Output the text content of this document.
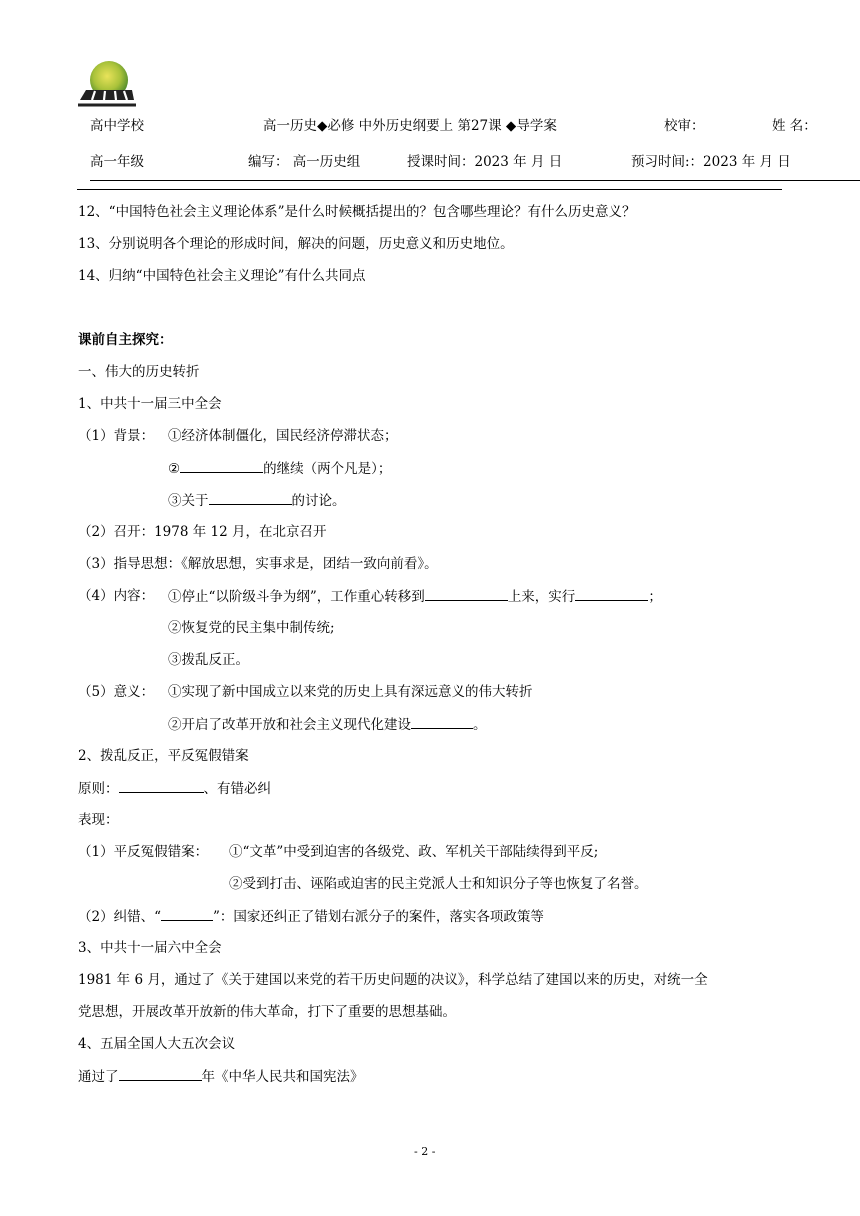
高中学校	高一历史◆必修 中外历史纲要上 第27课 ◆导学案	校审：	姓 名：
高一年级	编写： 高一历史组	授课时间：2023 年 月 日	预习时间:：2023 年 月 日
12、“中国特色社会主义理论体系”是什么时候概括提出的？包含哪些理论？有什么历史意义？
13、分别说明各个理论的形成时间，解决的问题，历史意义和历史地位。
14、归纳“中国特色社会主义理论”有什么共同点
课前自主探究：
一、伟大的历史转折
1、中共十一届三中全会
（1）背景： ①经济体制僵化，国民经济停滞状态；
②	的继续（两个凡是）；
③关于	的讨论。
（2）召开：1978 年 12 月，在北京召开
（3）指导思想：《解放思想，实事求是，团结一致向前看》。
（4）内容： ①停止“以阶级斗争为纲”，工作重心转移到	上来，实行	；
②恢复党的民主集中制传统;
③拨乱反正。
（5）意义： ①实现了新中国成立以来党的历史上具有深远意义的伟大转折
②开启了改革开放和社会主义现代化建设	。
2、拨乱反正，平反冤假错案
原则：	、有错必纠
表现：
（1）平反冤假错案： ①“文革”中受到迫害的各级党、政、军机关干部陆续得到平反;
②受到打击、诬陷或迫害的民主党派人士和知识分子等也恢复了名誉。
（2）纠错、“	”：国家还纠正了错划右派分子的案件，落实各项政策等
3、中共十一届六中全会
1981 年 6 月，通过了《关于建国以来党的若干历史问题的决议》，科学总结了建国以来的历史，对统一全
党思想，开展改革开放新的伟大革命，打下了重要的思想基础。
4、五届全国人大五次会议
通过了	年《中华人民共和国宪法》
- 2 -
